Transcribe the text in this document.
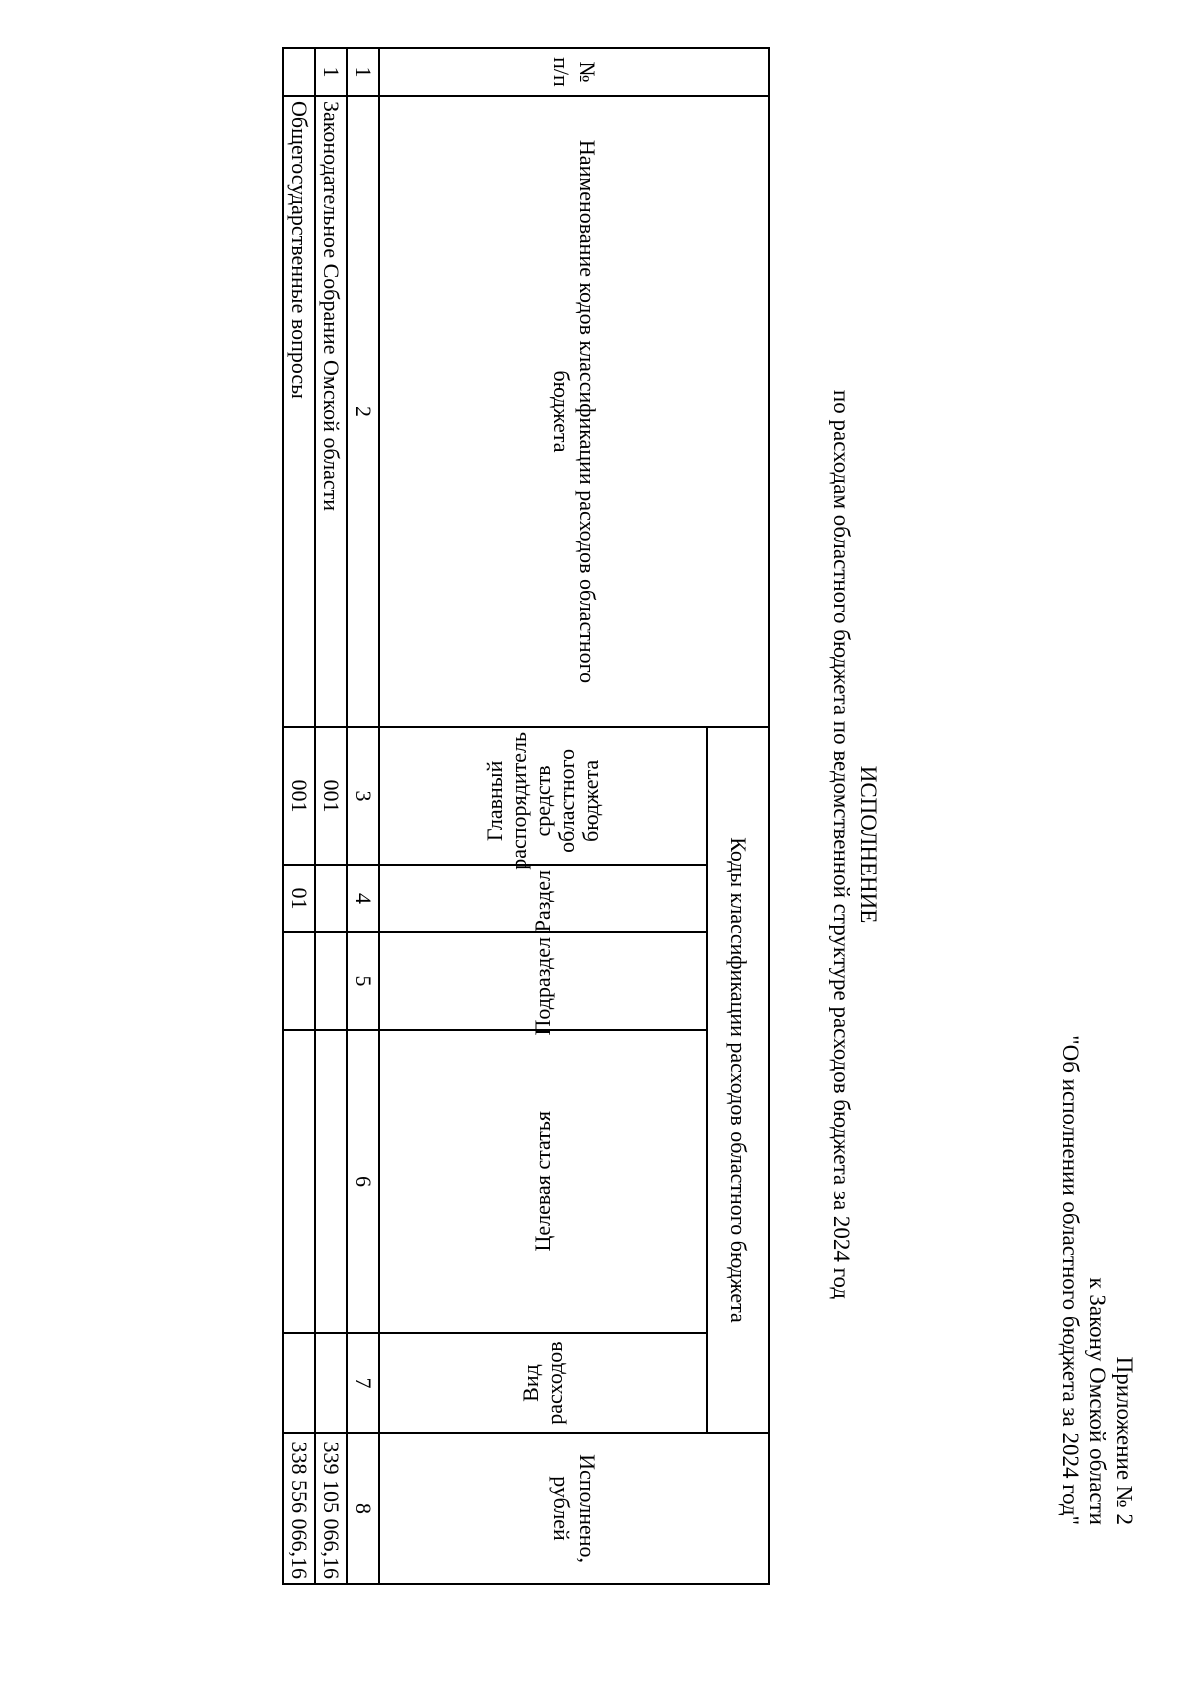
Приложение № 2
к Закону Омской области
"Об исполнении областного бюджета за 2024 год"
ИСПОЛНЕНИЕ
по расходам областного бюджета по ведомственной структуре расходов бюджета за 2024 год
№ п/п	Наименование кодов классификации расходов областного бюджета	Коды классификации расходов областного бюджета					Исполнено, рублей
		Главный распорядитель средств областного бюджета	Раздел	Подраздел	Целевая статья	Вид расходов	
1	2	3	4	5	6	7	8
1	Законодательное Собрание Омской области	001					339 105 066,16
	Общегосударственные вопросы	001	01				338 556 066,16
